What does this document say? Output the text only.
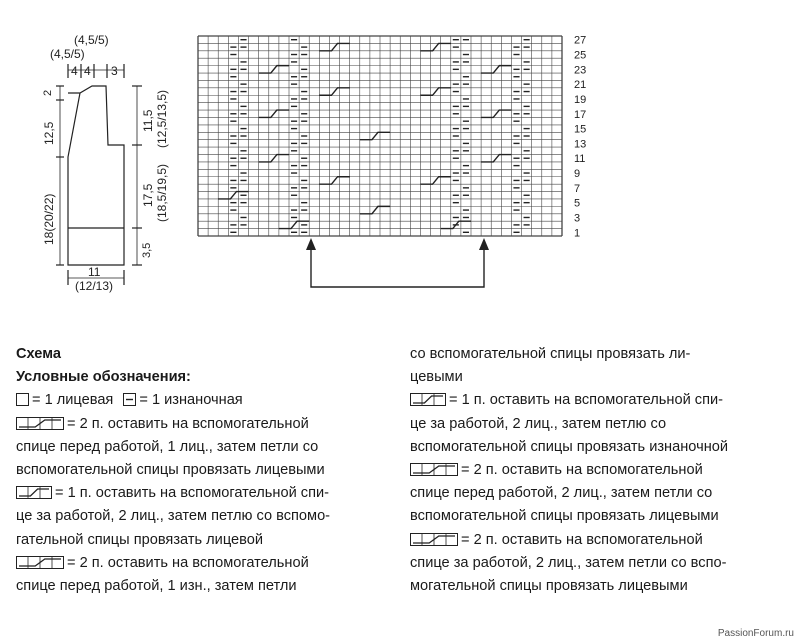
(4,5/5)
(4,5/5)
4 4 3
2
12,5
18(20/22)
11,5 (12,5/13,5)
17,5 (18,5/19,5)
3,5
11
(12/13)
27
25
23
21
19
17
15
13
11
9
7
5
3
1
Схема
Условные обозначения:
= 1 лицевая = 1 изнаночная
= 2 п. оставить на вспомогательной
спице перед работой, 1 лиц., затем петли со
вспомогательной спицы провязать лицевыми
= 1 п. оставить на вспомогательной спи-
це за работой, 2 лиц., затем петлю со вспомо-
гательной спицы провязать лицевой
= 2 п. оставить на вспомогательной
спице перед работой, 1 изн., затем петли
со вспомогательной спицы провязать ли-
цевыми
= 1 п. оставить на вспомогательной спи-
це за работой, 2 лиц., затем петлю со
вспомогательной спицы провязать изнаночной
= 2 п. оставить на вспомогательной
спице перед работой, 2 лиц., затем петли со
вспомогательной спицы провязать лицевыми
= 2 п. оставить на вспомогательной
спице за работой, 2 лиц., затем петли со вспо-
могательной спицы провязать лицевыми
PassionForum.ru
